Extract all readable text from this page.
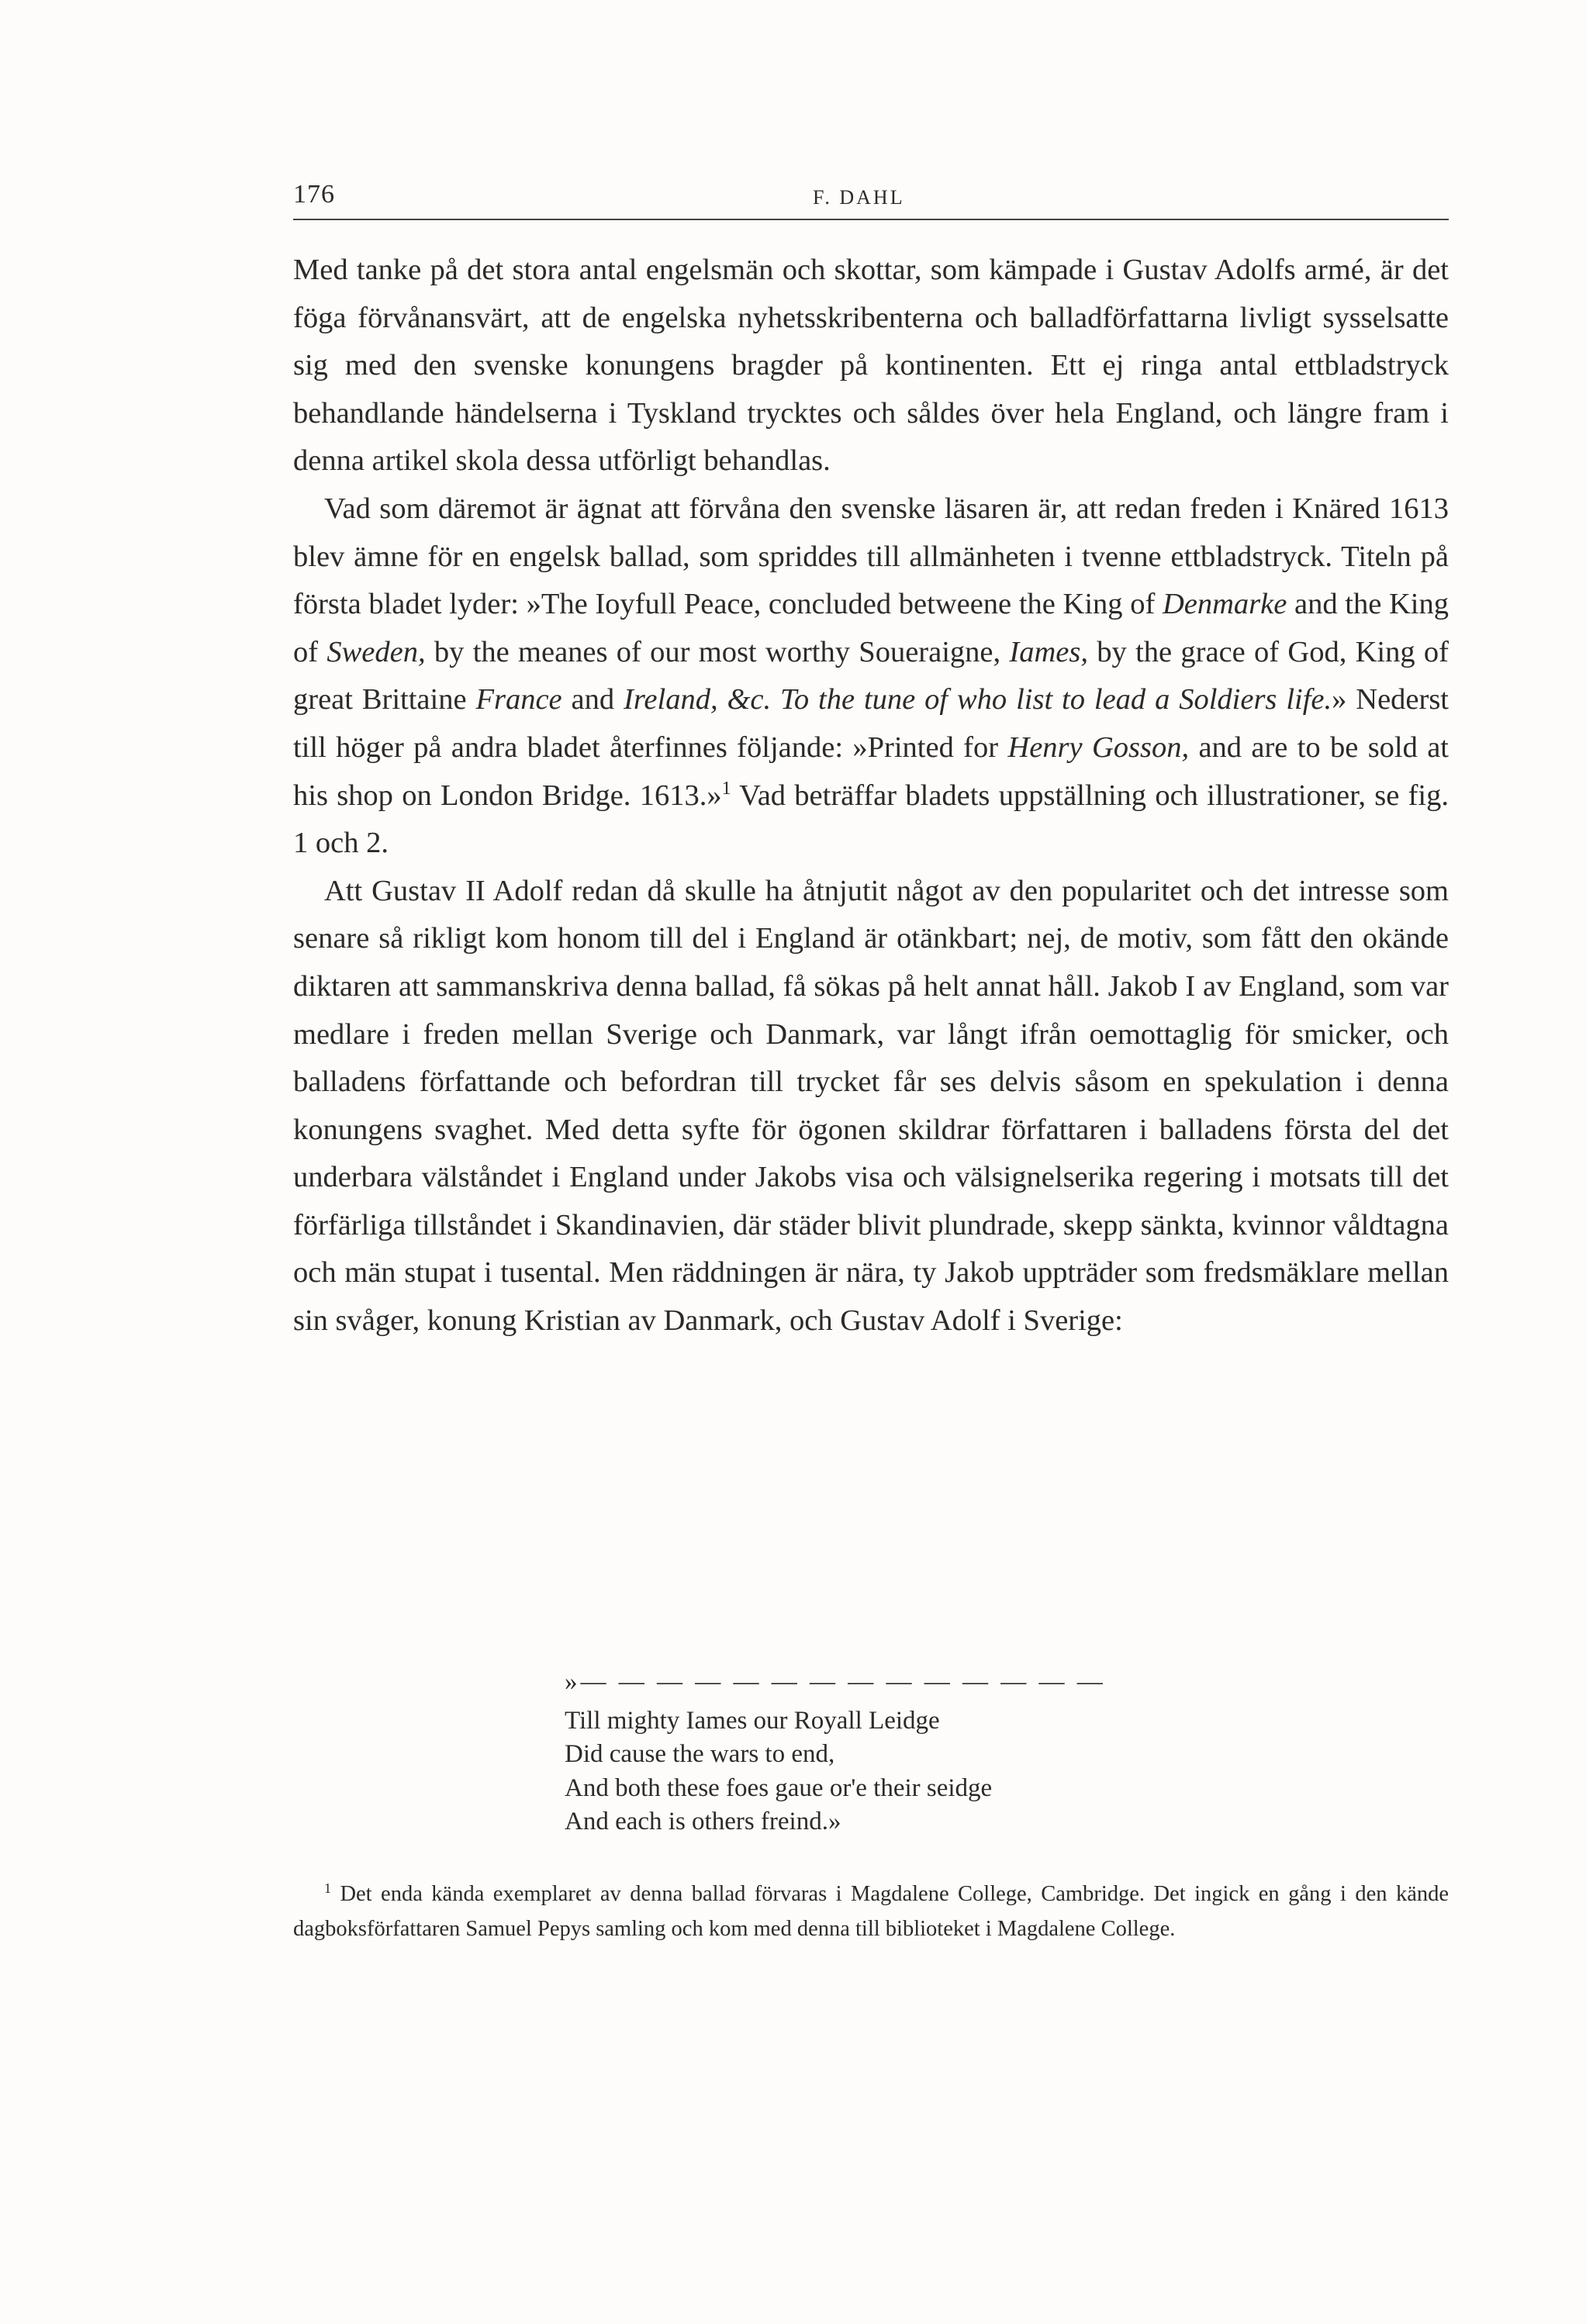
176	F. DAHL

Med tanke på det stora antal engelsmän och skottar, som kämpade i Gustav Adolfs armé, är det föga förvånansvärt, att de engelska nyhetsskribenterna och balladförfattarna livligt sysselsatte sig med den svenske konungens bragder på kontinenten. Ett ej ringa antal ettbladstryck behandlande händelserna i Tyskland trycktes och såldes över hela England, och längre fram i denna artikel skola dessa utförligt behandlas.

Vad som däremot är ägnat att förvåna den svenske läsaren är, att redan freden i Knäred 1613 blev ämne för en engelsk ballad, som spriddes till allmänheten i tvenne ettbladstryck. Titeln på första bladet lyder: »The Ioyfull Peace, concluded betweene the King of Denmarke and the King of Sweden, by the meanes of our most worthy Soueraigne, Iames, by the grace of God, King of great Brittaine France and Ireland, &c. To the tune of who list to lead a Soldiers life.» Nederst till höger på andra bladet återfinnes följande: »Printed for Henry Gosson, and are to be sold at his shop on London Bridge. 1613.»$^1$ Vad beträffar bladets uppställning och illustrationer, se fig. 1 och 2.

Att Gustav II Adolf redan då skulle ha åtnjutit något av den popularitet och det intresse som senare så rikligt kom honom till del i England är otänkbart; nej, de motiv, som fått den okände diktaren att sammanskriva denna ballad, få sökas på helt annat håll. Jakob I av England, som var medlare i freden mellan Sverige och Danmark, var långt ifrån oemottaglig för smicker, och balladens författande och befordran till trycket får ses delvis såsom en spekulation i denna konungens svaghet. Med detta syfte för ögonen skildrar författaren i balladens första del det underbara välståndet i England under Jakobs visa och välsignelserika regering i motsats till det förfärliga tillståndet i Skandinavien, där städer blivit plundrade, skepp sänkta, kvinnor våldtagna och män stupat i tusental. Men räddningen är nära, ty Jakob uppträder som fredsmäklare mellan sin svåger, konung Kristian av Danmark, och Gustav Adolf i Sverige:

»— — — — — — — — — — — — — —
Till mighty Iames our Royall Leidge
Did cause the wars to end,
And both these foes gaue or'e their seidge
And each is others freind.»

$^1$ Det enda kända exemplaret av denna ballad förvaras i Magdalene College, Cambridge. Det ingick en gång i den kände dagboksförfattaren Samuel Pepys samling och kom med denna till biblioteket i Magdalene College.
